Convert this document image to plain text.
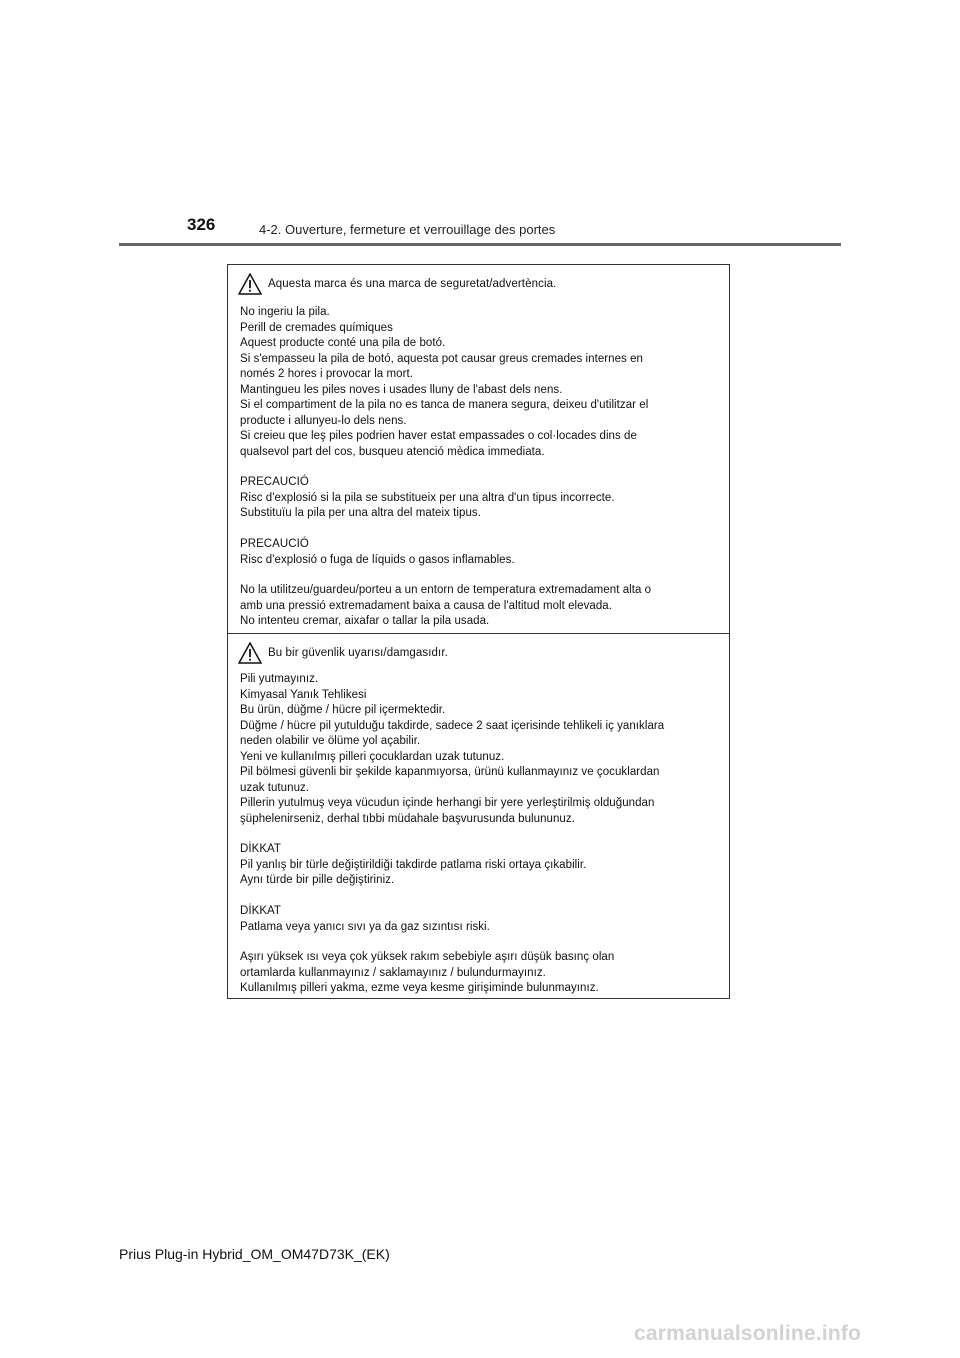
326	4-2. Ouverture, fermeture et verrouillage des portes
Aquesta marca és una marca de seguretat/advertència.
No ingeriu la pila.
Perill de cremades químiques
Aquest producte conté una pila de botó.
Si s'empasseu la pila de botó, aquesta pot causar greus cremades internes en
només 2 hores i provocar la mort.
Mantingueu les piles noves i usades lluny de l'abast dels nens.
Si el compartiment de la pila no es tanca de manera segura, deixeu d'utilitzar el
producte i allunyeu-lo dels nens.
Si creieu que leş piles podrien haver estat empassades o col·locades dins de
qualsevol part del cos, busqueu atenció mèdica immediata.
PRECAUCIÓ
Risc d'explosió si la pila se substitueix per una altra d'un tipus incorrecte.
Substituïu la pila per una altra del mateix tipus.
PRECAUCIÓ
Risc d'explosió o fuga de líquids o gasos inflamables.
No la utilitzeu/guardeu/porteu a un entorn de temperatura extremadament alta o
amb una pressió extremadament baixa a causa de l'altitud molt elevada.
No intenteu cremar, aixafar o tallar la pila usada.
Bu bir güvenlik uyarısı/damgasıdır.
Pili yutmayınız.
Kimyasal Yanık Tehlikesi
Bu ürün, düğme / hücre pil içermektedir.
Düğme / hücre pil yutulduğu takdirde, sadece 2 saat içerisinde tehlikeli iç yanıklara
neden olabilir ve ölüme yol açabilir.
Yeni ve kullanılmış pilleri çocuklardan uzak tutunuz.
Pil bölmesi güvenli bir şekilde kapanmıyorsa, ürünü kullanmayınız ve çocuklardan
uzak tutunuz.
Pillerin yutulmuş veya vücudun içinde herhangi bir yere yerleştirilmiş olduğundan
şüphelenirseniz, derhal tıbbi müdahale başvurusunda bulununuz.
DİKKAT
Pil yanlış bir türle değiştirildiği takdirde patlama riski ortaya çıkabilir.
Aynı türde bir pille değiştiriniz.
DİKKAT
Patlama veya yanıcı sıvı ya da gaz sızıntısı riski.
Aşırı yüksek ısı veya çok yüksek rakım sebebiyle aşırı düşük basınç olan
ortamlarda kullanmayınız / saklamayınız / bulundurmayınız.
Kullanılmış pilleri yakma, ezme veya kesme girişiminde bulunmayınız.
Prius Plug-in Hybrid_OM_OM47D73K_(EK)
carmanualsonline.info
